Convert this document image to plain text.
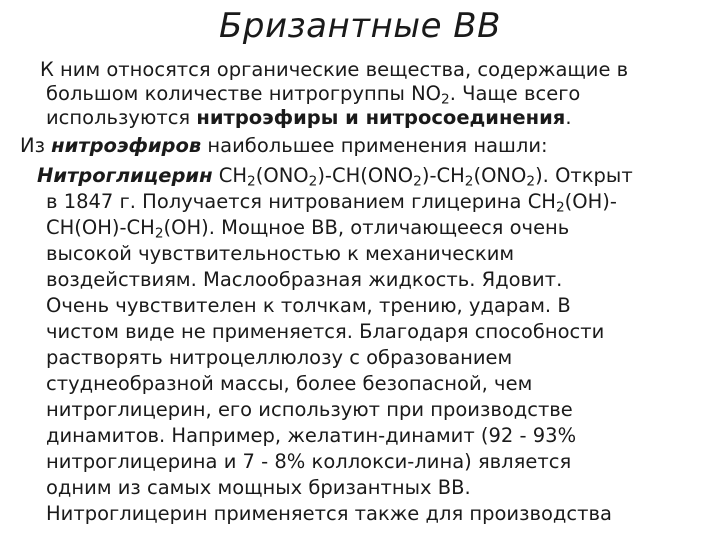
Бризантные ВВ
К ним относятся органические вещества, содержащие в
большом количестве нитрогруппы $NO_2$. Чаще всего
используются нитроэфиры и нитросоединения.
Из нитроэфиров наибольшее применения нашли:
Нитроглицерин $CH_2(ONO_2)-CH(ONO_2)-CH_2(ONO_2)$. Открыт
в 1847 г. Получается нитрованием глицерина $CH_2(OH)-$
$CH(OH)-CH_2(OH)$. Мощное ВВ, отличающееся очень
высокой чувствительностью к механическим
воздействиям. Маслообразная жидкость. Ядовит.
Очень чувствителен к толчкам, трению, ударам. В
чистом виде не применяется. Благодаря способности
растворять нитроцеллюлозу с образованием
студнеобразной массы, более безопасной, чем
нитроглицерин, его используют при производстве
динамитов. Например, желатин-динамит (92 - 93%
нитроглицерина и 7 - 8% коллокси-лина) является
одним из самых мощных бризантных ВВ.
Нитроглицерин применяется также для производства
